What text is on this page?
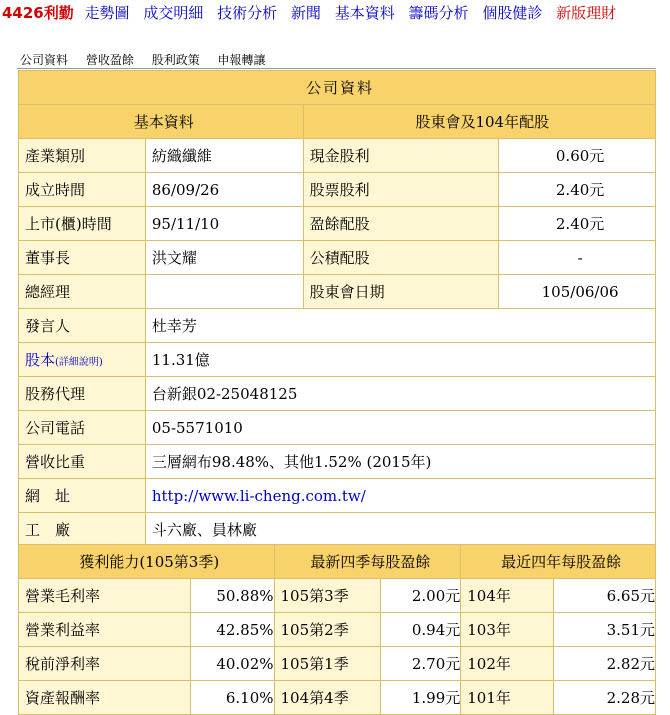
4426利勤 走勢圖 成交明細 技術分析 新聞 基本資料 籌碼分析 個股健診 新版理財
公司資料 營收盈餘 股利政策 申報轉讓
公司資料			
基本資料		股東會及104年配股	
產業類別	紡織纖維	現金股利	0.60元
成立時間	86/09/26	股票股利	2.40元
上市(櫃)時間	95/11/10	盈餘配股	2.40元
董事長	洪文耀	公積配股	-
總經理		股東會日期	105/06/06
發言人	杜幸芳		
股本(詳細說明)	11.31億		
股務代理	台新銀02-25048125		
公司電話	05-5571010		
營收比重	三層網布98.48%、其他1.52% (2015年)		
網　址	http://www.li-cheng.com.tw/		
工　廠	斗六廠、員林廠		
獲利能力(105第3季)		最新四季每股盈餘		最近四年每股盈餘	
營業毛利率	50.88%	105第3季	2.00元	104年	6.65元
營業利益率	42.85%	105第2季	0.94元	103年	3.51元
稅前淨利率	40.02%	105第1季	2.70元	102年	2.82元
資產報酬率	6.10%	104第4季	1.99元	101年	2.28元
